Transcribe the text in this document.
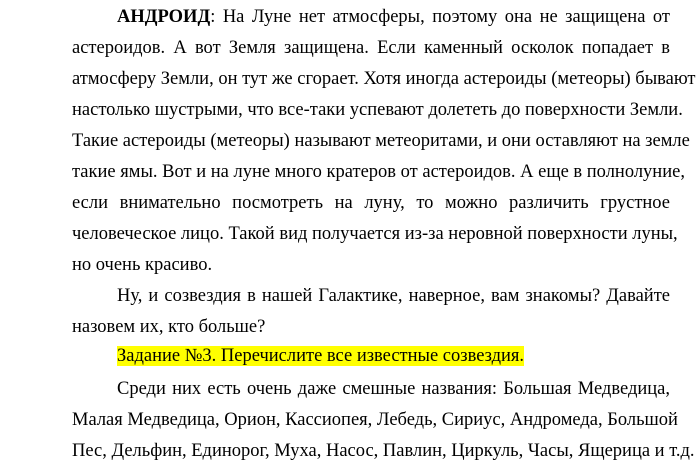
АНДРОИД: На Луне нет атмосферы, поэтому она не защищена от
астероидов. А вот Земля защищена. Если каменный осколок попадает в
атмосферу Земли, он тут же сгорает. Хотя иногда астероиды (метеоры) бывают
настолько шустрыми, что все-таки успевают долететь до поверхности Земли.
Такие астероиды (метеоры) называют метеоритами, и они оставляют на земле
такие ямы. Вот и на луне много кратеров от астероидов. А еще в полнолуние,
если внимательно посмотреть на луну, то можно различить грустное
человеческое лицо. Такой вид получается из-за неровной поверхности луны,
но очень красиво.
Ну, и созвездия в нашей Галактике, наверное, вам знакомы? Давайте
назовем их, кто больше?
Задание №3. Перечислите все известные созвездия.
Среди них есть очень даже смешные названия: Большая Медведица,
Малая Медведица, Орион, Кассиопея, Лебедь, Сириус, Андромеда, Большой
Пес, Дельфин, Единорог, Муха, Насос, Павлин, Циркуль, Часы, Ящерица и т.д.
